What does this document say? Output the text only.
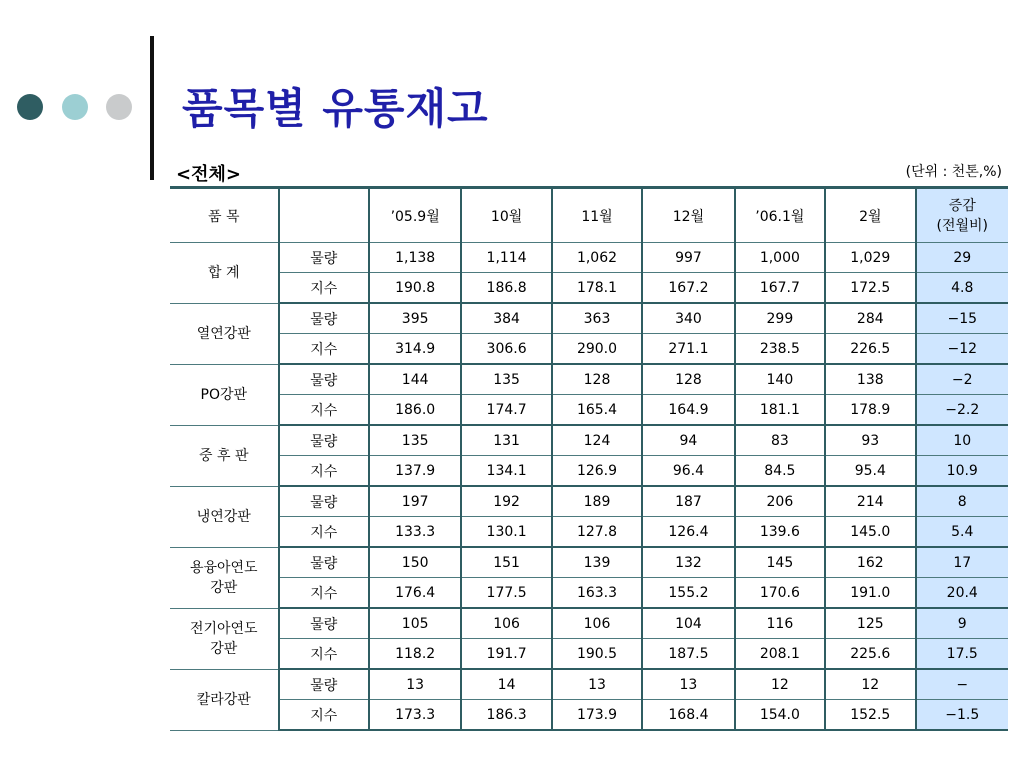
품목별 유통재고
<전체>	(단위 : 천톤,%)
품 목		’05.9월	10월	11월	12월	’06.1월	2월	증감
(전월비)

합 계	물량	1,138	1,114	1,062	997	1,000	1,029	29
	지수	190.8	186.8	178.1	167.2	167.7	172.5	4.8
열연강판	물량	395	384	363	340	299	284	−15
	지수	314.9	306.6	290.0	271.1	238.5	226.5	−12
PO강판	물량	144	135	128	128	140	138	−2
	지수	186.0	174.7	165.4	164.9	181.1	178.9	−2.2
중 후 판	물량	135	131	124	94	83	93	10
	지수	137.9	134.1	126.9	96.4	84.5	95.4	10.9
냉연강판	물량	197	192	189	187	206	214	8
	지수	133.3	130.1	127.8	126.4	139.6	145.0	5.4
용융아연도
강판	물량	150	151	139	132	145	162	17
	지수	176.4	177.5	163.3	155.2	170.6	191.0	20.4
전기아연도
강판	물량	105	106	106	104	116	125	9
	지수	118.2	191.7	190.5	187.5	208.1	225.6	17.5
칼라강판	물량	13	14	13	13	12	12	−
	지수	173.3	186.3	173.9	168.4	154.0	152.5	−1.5
